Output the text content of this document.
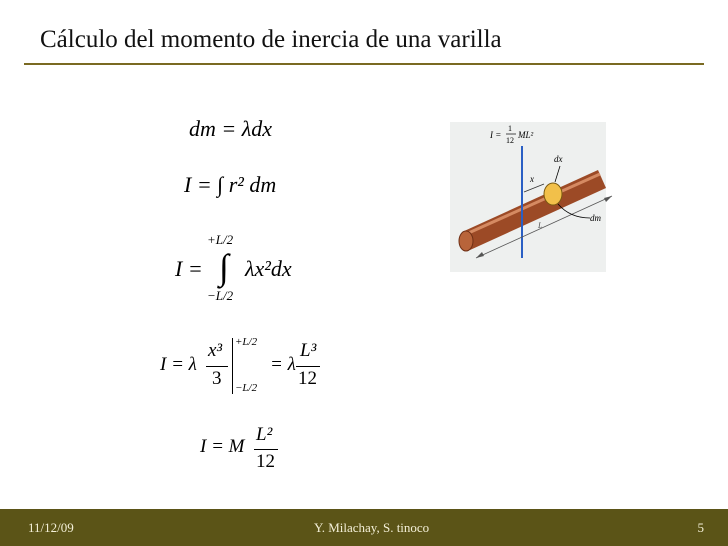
Cálculo del momento de inercia de una varilla
dm = λdx
I = ∫ r² dm
+L/2
I = ∫ λx²dx
−L/2
I = λ
x³
3
+L/2
−L/2
= λ
L³
12
I = M
L²
12
I =
1
12
ML²
L
x
dx
dm
11/12/09	Y. Milachay, S. tinoco	5
